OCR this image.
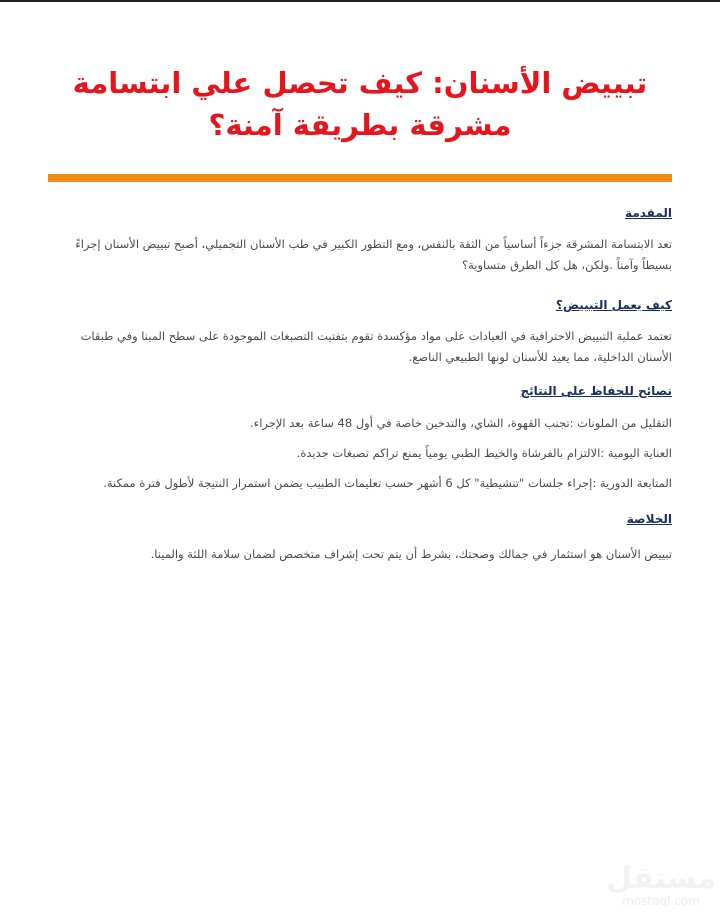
تبييض الأسنان: كيف تحصل علي ابتسامة مشرقة بطريقة آمنة؟
المقدمة
تعد الابتسامة المشرقة جزءاً أساسياً من الثقة بالنفس، ومع التطور الكبير في طب الأسنان التجميلي، أصبح تبييض الأسنان إجراءً بسيطاً وآمناً .ولكن، هل كل الطرق متساوية؟
كيف يعمل التبييض؟
تعتمد عملية التبييض الاحترافية في العيادات على مواد مؤكسدة تقوم بتفتيت التصبغات الموجودة على سطح المينا وفي طبقات الأسنان الداخلية، مما يعيد للأسنان لونها الطبيعي الناصع.
نصائح للحفاظ على النتائج
التقليل من الملونات :تجنب القهوة، الشاي، والتدخين خاصة في أول 48 ساعة بعد الإجراء.
العناية اليومية :الالتزام بالفرشاة والخيط الطبي يومياً يمنع تراكم تصبغات جديدة.
المتابعة الدورية :إجراء جلسات "تنشيطية" كل 6 أشهر حسب تعليمات الطبيب يضمن استمرار النتيجة لأطول فترة ممكنة.
الخلاصة
تبييض الأسنان هو استثمار في جمالك وصحتك، بشرط أن يتم تحت إشراف متخصص لضمان سلامة اللثة والمينا.
مستقل
mostaql.com
